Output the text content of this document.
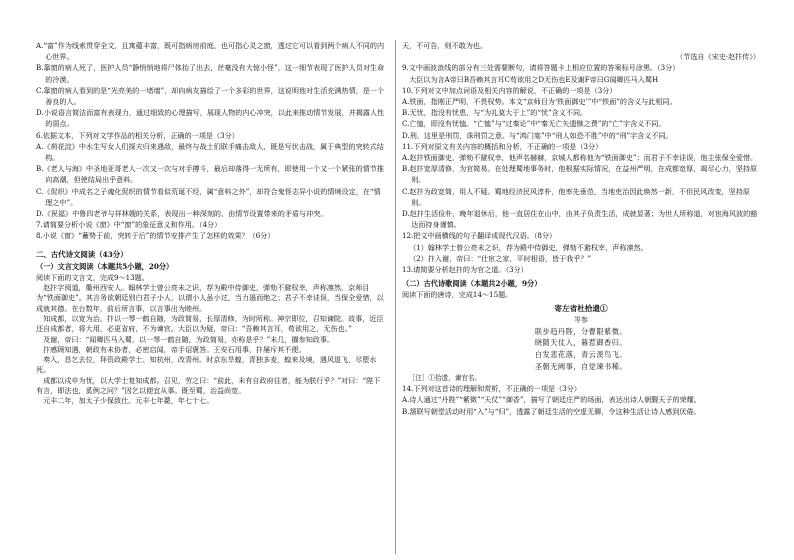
A.“富”作为线索贯穿全文，且寓蕴丰富，既可指病房前庭，也可指心灵之窗，透过它可以看到两个病人不同的内心世界。

B.靠窗的病人死了，医护人员“静悄悄地将尸体抬了出去，丝毫没有大惊小怪”，这一细节表现了医护人员对生命的冷漠。

C.靠窗的病人看到的是“光亮美的一堵墙”，却向病友描绘了一个多彩的世界，这说明他对生活充满热情，是一个善良的人。

D.小说语言简洁而富有表现力，通过细致的心理描写，展现人物的内心冲突，以此来推动情节发展，并揭露人性的弱点。

6.依据文本，下列对文学作品的相关分析，正确的一项是（3分）

A.《荷花淀》中水生写女人们探夫归来遇敌，最终与战士们联手痛击敌人，既是写伏击战，属于典型的突转式结构。

B.《老人与海》中圣地亚哥老人一次又一次与对手搏斗，最后却落得一无所有，即使用一个又一个紧张的情节推向高潮，但使结局出乎意料。

C.《促织》中成名之子魂化促织的情节看似荒诞不经，属“意料之外”，却符合鬼怪志异小说的情境设定，在“情理之中”。

D.《祝福》中鲁四老爷与祥林嫂的关系，表现出一种深刻的、由情节设置带来的矛盾与冲突。

7.请简要分析小说《窗》中“窗”的象征意义和作用。（4分）

8.小说《窗》“蓄势于前，突转于后”的情节安排产生了怎样的效果？（6分）

二、古代诗文阅读（43分）

（一）文言文阅读（本题共5小题，20分）

阅读下面的文言文，完成9～13题。

赵抃字阅道，衢州西安人。翰林学士曾公亮未之识，荐为殿中侍御史，弹劾不避权幸，声称凛然，京师目为“铁面御史”。其言务欲朝廷别白君子小人，以谓小人虽小过，当力遏而绝之；君子不幸诖误，当保全爱惜，以成就其德。在台数年，前后所言事，以言事出为睦州。

知成都，以宽为治。抃以一琴一鹤自随，为政简易，长厚清修，为时所称。神宗即位，召知谏院。故事，近臣还自成都者，将大用，必更省府，不为谏官。大臣以为疑，帝曰：“吾赖其言耳，苟欲用之，无伤也。”

及谢，帝曰：“闻卿匹马入蜀，以一琴一鹤自随，为政简易，亦称是乎？”未几，擢参知政事。

抃感顾知遇，朝政有未协者，必密启闻，帝手诏褒答。王安石用事，抃屡斥其不便。

奏入，恳乞去位，拜资政殿学士、知杭州，改青州。时京东旱蝗，青独多麦，蝗来及境，遇风退飞，尽堕水死。

成都以戍卒为忧，以大学士复知成都。召见，劳之曰：“前此，未有自政府往者，能为朕行乎？”对曰：“陛下有言，即法也，奚例之问？”因乞以便宜从事。既至蜀，治益尚宽。

元丰二年，加太子少保致仕。元丰七年薨，年七十七。

天，不可告，则不敢为也。

（节选自《宋史·赵抃传》）

9.文中画波浪线的部分有三处需要断句，请将答题卡上相应位置的答案标号涂黑。（3分）

大臣以为言A帝曰B吾赖其言耳C苟欲用之D无伤也E及谢F帝曰G闻卿匹马入蜀H

10.下列对文中加点词语及相关内容的解说，不正确的一项是（3分）

A.铁面，指刚正严明，不畏权势。本文“京师目为‘铁面御史’”中“铁面”的含义与此相同。

B.无忧，指没有忧患，与“为礼莫大于上”的“忧”含义不同。

C.亡恤，即没有忧恤。“亡恤”与“过秦论”中“秦无亡矢遗镞之费”的“亡”字含义不同。

D.刑，这里是刑罚，诛刑罚之意。与“鸿门宴”中“刑人如恐不胜”中的“刑”字含义不同。

11.下列对原文有关内容的概括和分析，不正确的一项是（3分）

A.赵抃铁面御史，弹劾不避权幸，他声名赫赫，京城人都称他为“铁面御史”；而君子不幸诖误，他主张保全爱惜。

B.赵抃宽厚清修，为官简易。在处理蜀地事务时，他根据实际情况，在益州严明，在成都宽厚，竭尽心力，坚持原则。

C.赵抃为政宽简，用人不疑。蜀地经济民风淳朴，他率先垂范，当地吏治因此焕然一新，不但民风改变，坚持原则。

D.赵抃生活俭朴，晚年退休后，他一直居住在山中，由其子负责生活，成就显著；为世人所称道，对宦海风波的豁达而持身谨慎。

12.把文中画横线的句子翻译成现代汉语。（8分）

（1）翰林学士曾公亮未之识，荐为殿中侍御史，弹劾不避权幸，声称凛然。

（2）抃入谢，帝曰：“仕宦之家，平时相语，皆于我乎？”

13.请简要分析赵抃的为官之道。（3分）

（二）古代诗歌阅读（本题共2小题，9分）

阅读下面的唐诗，完成14～15题。

寄左省杜拾遗①

岑参

联步趋丹陛，分曹限紫微。

晓随天仗入，暮惹御香归。

白发悲花落，青云羡鸟飞。

圣朝无阙事，自觉谏书稀。

［注］①拾遗，谏官名。

14.下列对这首诗的理解和赏析，不正确的一项是（3分）

A.诗人通过“丹陛”“紫微”“天仗”“御香”，描写了朝廷庄严的场面，表达出诗人朝觐天子的荣耀。

B.颔联写朝堂活动时用“入”与“归”，透露了朝廷生活的空虚无聊，令这种生活让诗人感到厌倦。
